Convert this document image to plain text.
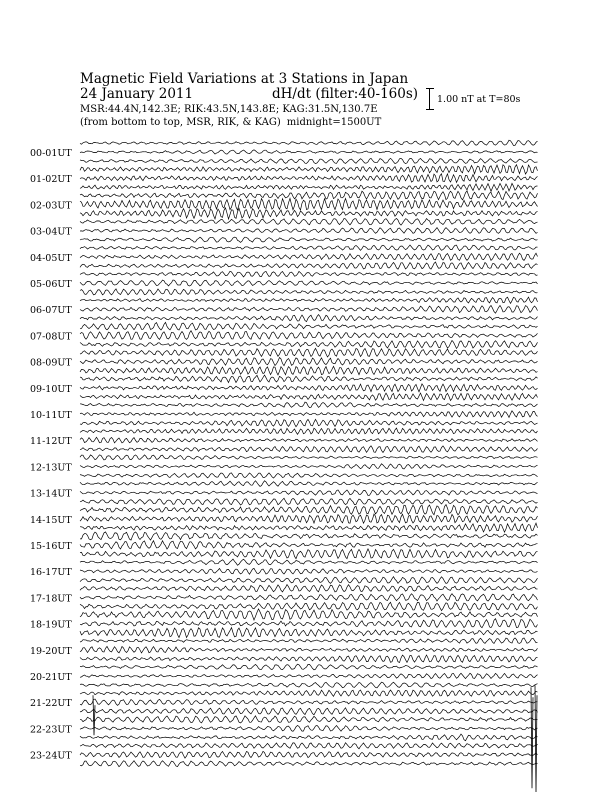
Magnetic Field Variations at 3 Stations in Japan
24 January 2011	dH/dt (filter:40-160s)
MSR:44.4N,142.3E; RIK:43.5N,143.8E; KAG:31.5N,130.7E
(from bottom to top, MSR, RIK, & KAG) midnight=1500UT
1.00 nT at T=80s
00-01UT
01-02UT
02-03UT
03-04UT
04-05UT
05-06UT
06-07UT
07-08UT
08-09UT
09-10UT
10-11UT
11-12UT
12-13UT
13-14UT
14-15UT
15-16UT
16-17UT
17-18UT
18-19UT
19-20UT
20-21UT
21-22UT
22-23UT
23-24UT
